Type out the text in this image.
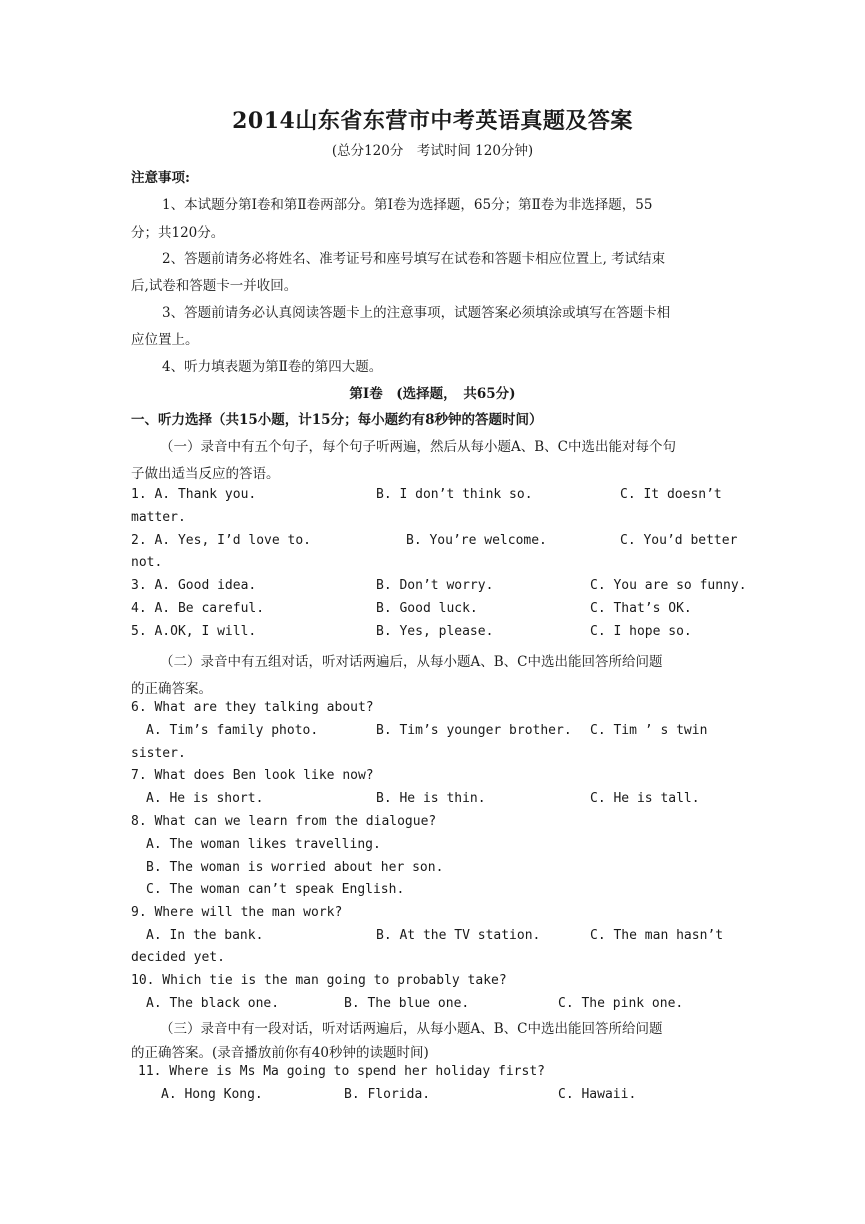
2014山东省东营市中考英语真题及答案
(总分120分　考试时间 120分钟)
注意事项:
1、本试题分第Ⅰ卷和第Ⅱ卷两部分。第Ⅰ卷为选择题，65分；第Ⅱ卷为非选择题，55
分；共120分。
2、答题前请务必将姓名、准考证号和座号填写在试卷和答题卡相应位置上, 考试结束
后,试卷和答题卡一并收回。
3、答题前请务必认真阅读答题卡上的注意事项，试题答案必须填涂或填写在答题卡相
应位置上。
4、听力填表题为第Ⅱ卷的第四大题。
第Ⅰ卷　(选择题，　共65分)
一、听力选择（共15小题，计15分；每小题约有8秒钟的答题时间）
（一）录音中有五个句子，每个句子听两遍，然后从每小题A、B、C中选出能对每个句
子做出适当反应的答语。
1. A. Thank you.	B. I don’t think so.	C. It doesn’t
matter.
2. A. Yes, I’d love to.	B. You’re welcome.	C. You’d better
not.
3. A. Good idea.	B. Don’t worry.	C. You are so funny.
4. A. Be careful.	B. Good luck.	C. That’s OK.
5. A.OK, I will.	B. Yes, please.	C. I hope so.
（二）录音中有五组对话，听对话两遍后，从每小题A、B、C中选出能回答所给问题
的正确答案。
6. What are they talking about?
A. Tim’s family photo.	B. Tim’s younger brother. C. Tim ’ s twin
sister.
7. What does Ben look like now?
A. He is short.	B. He is thin.	C. He is tall.
8. What can we learn from the dialogue?
A. The woman likes travelling.
B. The woman is worried about her son.
C. The woman can’t speak English.
9. Where will the man work?
A. In the bank.	B. At the TV station.	C. The man hasn’t
decided yet.
10. Which tie is the man going to probably take?
A. The black one.	B. The blue one.	C. The pink one.
（三）录音中有一段对话，听对话两遍后，从每小题A、B、C中选出能回答所给问题
的正确答案。(录音播放前你有40秒钟的读题时间)
11. Where is Ms Ma going to spend her holiday first?
A. Hong Kong.	B. Florida.	C. Hawaii.
